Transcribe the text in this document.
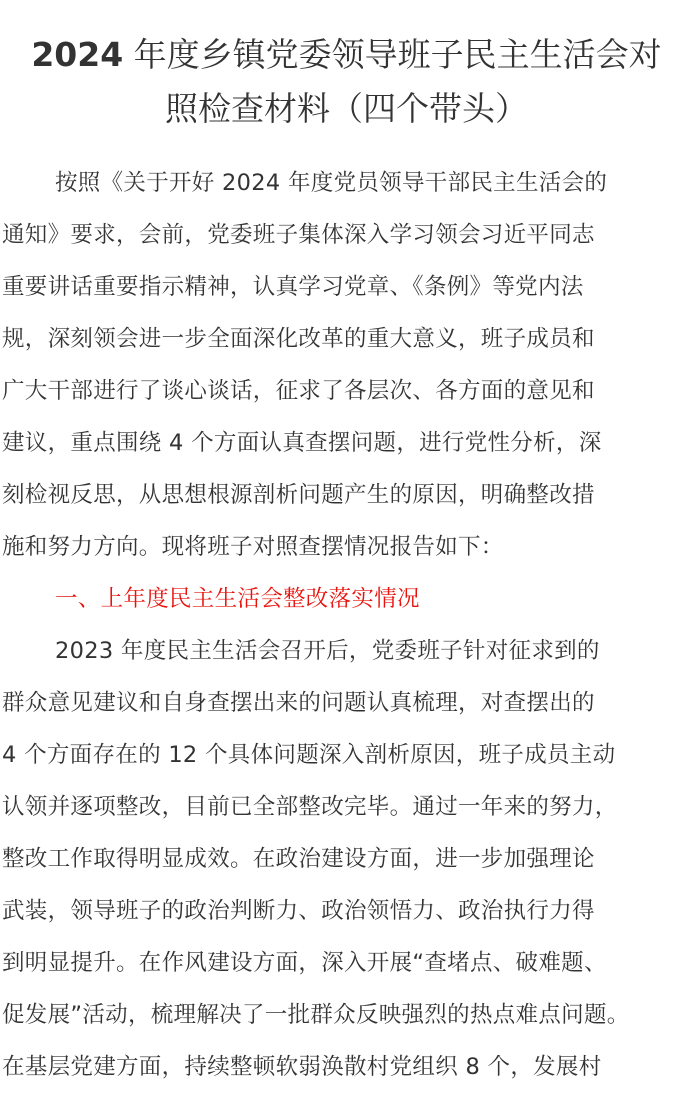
2024 年度乡镇党委领导班子民主生活会对
照检查材料（四个带头）
按照《关于开好 2024 年度党员领导干部民主生活会的
通知》要求，会前，党委班子集体深入学习领会习近平同志
重要讲话重要指示精神，认真学习党章、《条例》等党内法
规，深刻领会进一步全面深化改革的重大意义，班子成员和
广大干部进行了谈心谈话，征求了各层次、各方面的意见和
建议，重点围绕 4 个方面认真查摆问题，进行党性分析，深
刻检视反思，从思想根源剖析问题产生的原因，明确整改措
施和努力方向。现将班子对照查摆情况报告如下：
一、上年度民主生活会整改落实情况
2023 年度民主生活会召开后，党委班子针对征求到的
群众意见建议和自身查摆出来的问题认真梳理，对查摆出的
4 个方面存在的 12 个具体问题深入剖析原因，班子成员主动
认领并逐项整改，目前已全部整改完毕。通过一年来的努力，
整改工作取得明显成效。在政治建设方面，进一步加强理论
武装，领导班子的政治判断力、政治领悟力、政治执行力得
到明显提升。在作风建设方面，深入开展“查堵点、破难题、
促发展”活动，梳理解决了一批群众反映强烈的热点难点问题。
在基层党建方面，持续整顿软弱涣散村党组织 8 个，发展村
